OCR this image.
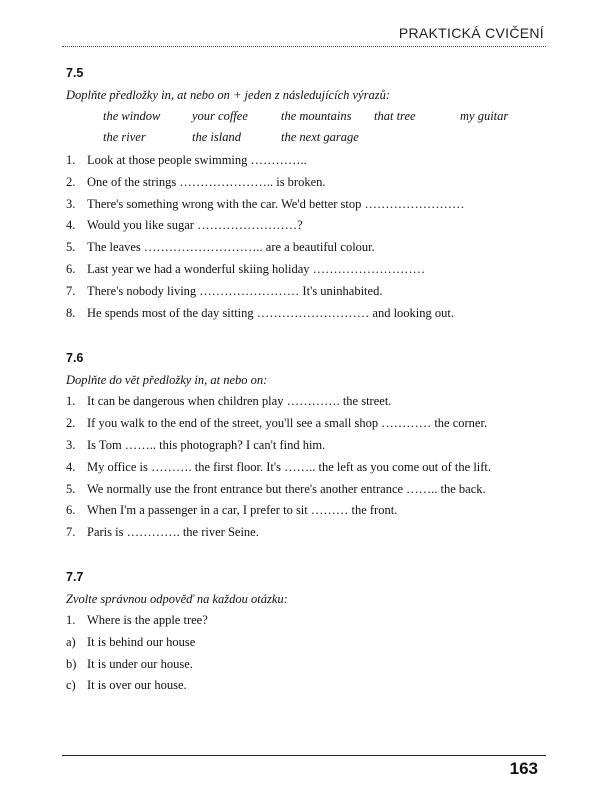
PRAKTICKÁ CVIČENÍ
7.5
Doplňte předložky in, at nebo on + jeden z následujících výrazů:
the window	your coffee	the mountains	that tree	my guitar
the river	the island	the next garage
1. Look at those people swimming …………..
2. One of the strings ………………….. is broken.
3. There's something wrong with the car. We'd better stop ……………………
4. Would you like sugar ……………………?
5. The leaves ……………………….. are a beautiful colour.
6. Last year we had a wonderful skiing holiday ………………………
7. There's nobody living …………………… It's uninhabited.
8. He spends most of the day sitting ……………………… and looking out.
7.6
Doplňte do vět předložky in, at nebo on:
1. It can be dangerous when children play …………. the street.
2. If you walk to the end of the street, you'll see a small shop ………… the corner.
3. Is Tom …….. this photograph? I can't find him.
4. My office is ………. the first floor. It's …….. the left as you come out of the lift.
5. We normally use the front entrance but there's another entrance …….. the back.
6. When I'm a passenger in a car, I prefer to sit ……… the front.
7. Paris is …………. the river Seine.
7.7
Zvolte správnou odpověď na každou otázku:
1. Where is the apple tree?
a) It is behind our house
b) It is under our house.
c) It is over our house.
163
